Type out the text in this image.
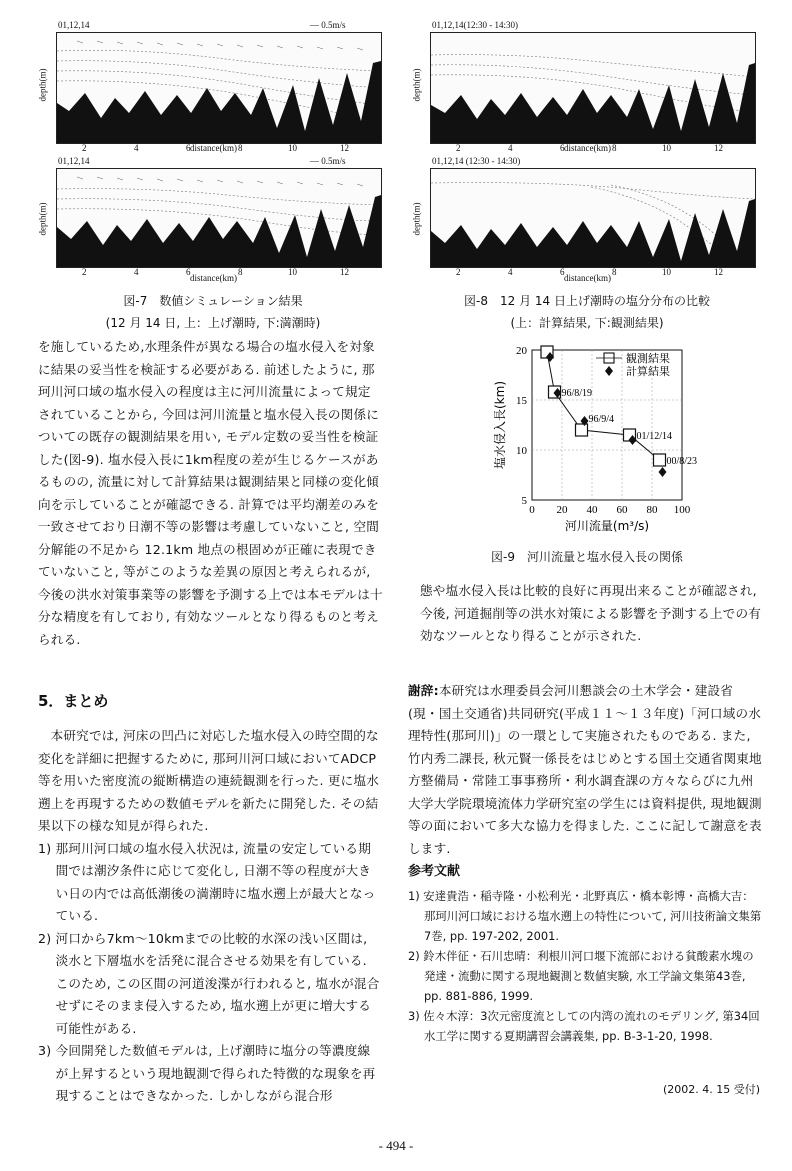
01,12,14	— 0.5m/s
depth(m)
2	4	6	8	10	12
distance(km)
01,12,14	— 0.5m/s
depth(m)
2	4	6	8	10	12
distance(km)
図-7　数値シミュレーション結果
(12 月 14 日, 上：上げ潮時, 下:満潮時)
01,12,14(12:30 - 14:30)
depth(m)
2	4	6	8	10	12
distance(km)
01,12,14 (12:30 - 14:30)
depth(m)
2	4	6	8	10	12
distance(km)
図-8　12 月 14 日上げ潮時の塩分分布の比較
(上：計算結果, 下:観測結果)
0 20 40 60 80 100
5
10
15
20
河川流量(m³/s)
塩水侵入長(km)	96/8/19
96/9/4
01/12/14
00/8/23
観測結果
計算結果
図-9　河川流量と塩水侵入長の関係

を施しているため,水理条件が異なる場合の塩水侵入を対象に結果の妥当性を検証する必要がある. 前述したように, 那珂川河口域の塩水侵入の程度は主に河川流量によって規定されていることから, 今回は河川流量と塩水侵入長の関係についての既存の観測結果を用い, モデル定数の妥当性を検証した(図-9). 塩水侵入長に1km程度の差が生じるケースがあるものの, 流量に対して計算結果は観測結果と同様の変化傾向を示していることが確認できる. 計算では平均潮差のみを一致させており日潮不等の影響は考慮していないこと, 空間分解能の不足から 12.1km 地点の根固めが正確に表現できていないこと, 等がこのような差異の原因と考えられるが, 今後の洪水対策事業等の影響を予測する上では本モデルは十分な精度を有しており, 有効なツールとなり得るものと考えられる.

5．まとめ

本研究では, 河床の凹凸に対応した塩水侵入の時空間的な変化を詳細に把握するために, 那珂川河口域においてADCP等を用いた密度流の縦断構造の連続観測を行った. 更に塩水遡上を再現するための数値モデルを新たに開発した. その結果以下の様な知見が得られた.

1) 那珂川河口域の塩水侵入状況は, 流量の安定している期間では潮汐条件に応じて変化し, 日潮不等の程度が大きい日の内では高低潮後の満潮時に塩水遡上が最大となっている.

2) 河口から7km～10kmまでの比較的水深の浅い区間は, 淡水と下層塩水を活発に混合させる効果を有している. このため, この区間の河道浚渫が行われると, 塩水が混合せずにそのまま侵入するため, 塩水遡上が更に増大する可能性がある.

3) 今回開発した数値モデルは, 上げ潮時に塩分の等濃度線が上昇するという現地観測で得られた特徴的な現象を再現することはできなかった. しかしながら混合形

態や塩水侵入長は比較的良好に再現出来ることが確認され, 今後, 河道掘削等の洪水対策による影響を予測する上での有効なツールとなり得ることが示された.

謝辞:本研究は水理委員会河川懇談会の土木学会・建設省(現・国土交通省)共同研究(平成１１～１３年度)「河口域の水理特性(那珂川)」の一環として実施されたものである. また, 竹内秀二課長, 秋元賢一係長をはじめとする国土交通省関東地方整備局・常陸工事事務所・利水調査課の方々ならびに九州大学大学院環境流体力学研究室の学生には資料提供, 現地観測等の面において多大な協力を得ました. ここに記して謝意を表します.

参考文献

1) 安達貴浩・稲寺隆・小松利光・北野真広・橋本彰博・高橋大吉：那珂川河口域における塩水遡上の特性について, 河川技術論文集第7巻, pp. 197-202, 2001.

2) 鈴木伴征・石川忠晴：利根川河口堰下流部における貧酸素水塊の発達・流動に関する現地観測と数値実験, 水工学論文集第43巻, pp. 881-886, 1999.

3) 佐々木淳：3次元密度流としての内湾の流れのモデリング, 第34回水工学に関する夏期講習会講義集, pp. B-3-1-20, 1998.

(2002. 4. 15 受付)
- 494 -
